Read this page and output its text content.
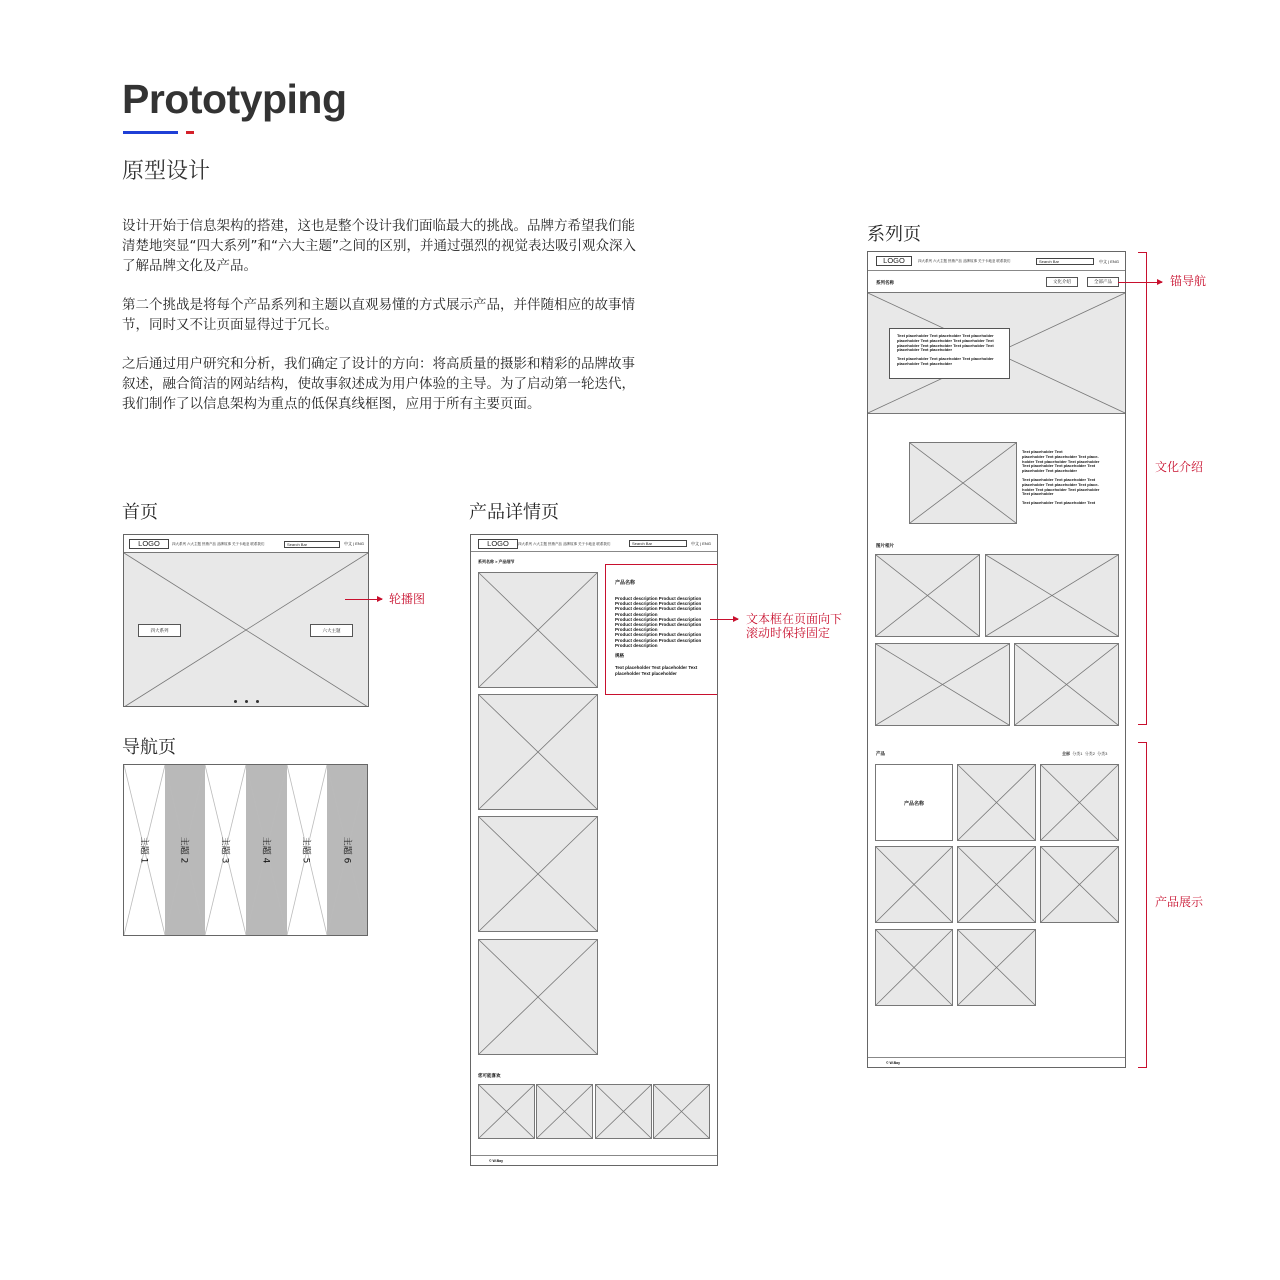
Prototyping
原型设计
设计开始于信息架构的搭建，这也是整个设计我们面临最大的挑战。品牌方希望我们能清楚地突显“四大系列”和“六大主题”之间的区别，并通过强烈的视觉表达吸引观众深入了解品牌文化及产品。
第二个挑战是将每个产品系列和主题以直观易懂的方式展示产品，并伴随相应的故事情节，同时又不让页面显得过于冗长。
之后通过用户研究和分析，我们确定了设计的方向：将高质量的摄影和精彩的品牌故事叙述，融合简洁的网站结构，使故事叙述成为用户体验的主导。为了启动第一轮迭代，我们制作了以信息架构为重点的低保真线框图，应用于所有主要页面。
首页
LOGO	四大系列 六大主题 热销产品 品牌故事 关于卡地亚 联系我们	Search Bar	中文 | ENG
四大系列	六大主题
轮播图
导航页
主题 1	主题 2	主题 3	主题 4	主题 5	主题 6
产品详情页
LOGO	四大系列 六大主题 热销产品 品牌故事 关于卡地亚 联系我们	Search Bar	中文 | ENG
系列名称 > 产品细节
产品名称
Product description Product description
Product description Product description
Product description Product description
Product description
Product description Product description
Product description Product description
Product description
Product description Product description
Product description Product description
Product description
规格
Text placeholder Text placeholder Text
placeholder Text placeholder
您可能喜欢
© W.Bay
文本框在页面向下
滚动时保持固定
系列页
LOGO	四大系列 六大主题 热销产品 品牌故事 关于卡地亚 联系我们	Search Bar	中文 | ENG
系列名称	文化介绍	全部产品
Text placeholder Text placeholder Text placeholder
placeholder Text placeholder Text placeholder Text
placeholder Text placeholder Text placeholder Text
placeholder Text placeholder
Text placeholder Text placeholder Text placeholder
placeholder Text placeholder
Text placeholder Text
placeholder Text placeholder Text place-
holder Text placeholder Text placeholder
Text placeholder Text placeholder Text
placeholder Text placeholder
Text placeholder Text placeholder Text
placeholder Text placeholder Text place-
holder Text placeholder Text placeholder
Text placeholder
Text placeholder Text placeholder Text
图片相片
产品	全部 分类1 分类2 分类3
产品名称
© W.Bay
锚导航
文化介绍
产品展示
